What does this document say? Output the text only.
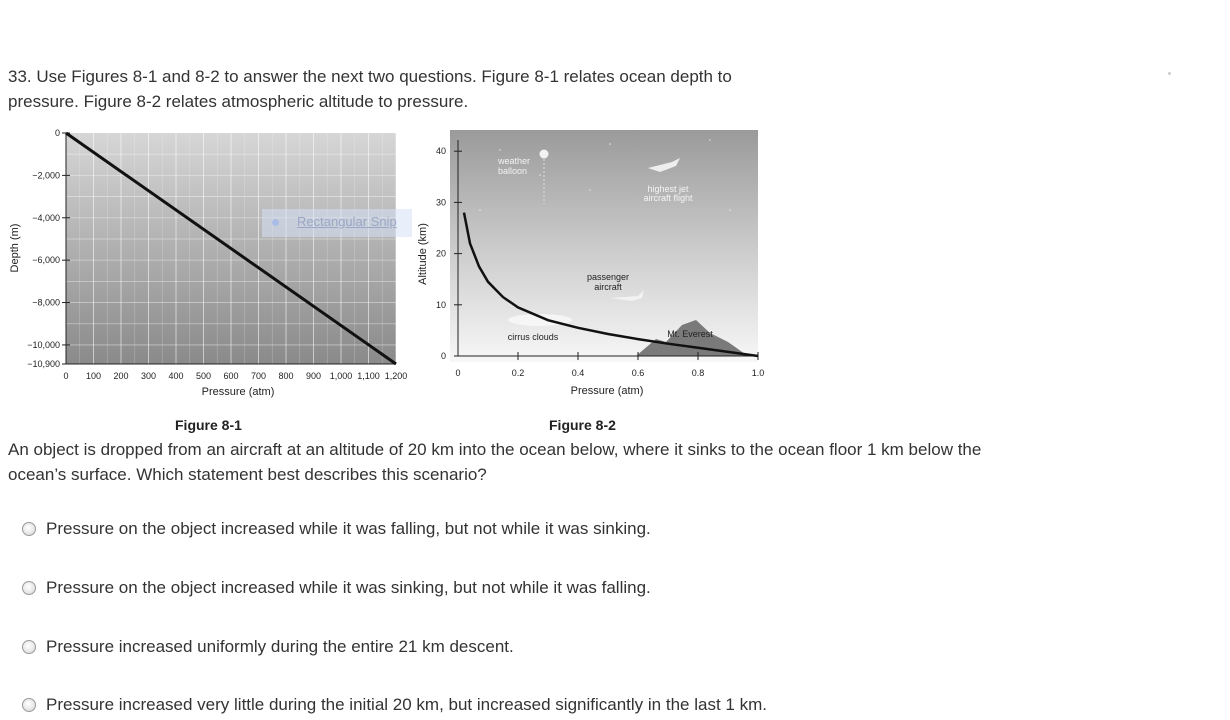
33. Use Figures 8-1 and 8-2 to answer the next two questions. Figure 8-1 relates ocean depth to
pressure. Figure 8-2 relates atmospheric altitude to pressure.
0
−2,000
−4,000
−6,000
−8,000
−10,000
−10,900
0 100 200 300 400 500 600 700 800 900 1,000 1,100 1,200
Pressure (atm)
Depth (m)
0
10
20
30
40
0	0.2	0.4	0.6	0.8	1.0
Pressure (atm)
Altitude (km)
weather
balloon
highest jet
aircraft flight
passenger
aircraft
cirrus clouds	Mt. Everest
Figure 8-1	Figure 8-2
Rectangular Snip
An object is dropped from an aircraft at an altitude of 20 km into the ocean below, where it sinks to the ocean floor 1 km below the
ocean’s surface. Which statement best describes this scenario?
Pressure on the object increased while it was falling, but not while it was sinking.
Pressure on the object increased while it was sinking, but not while it was falling.
Pressure increased uniformly during the entire 21 km descent.
Pressure increased very little during the initial 20 km, but increased significantly in the last 1 km.
